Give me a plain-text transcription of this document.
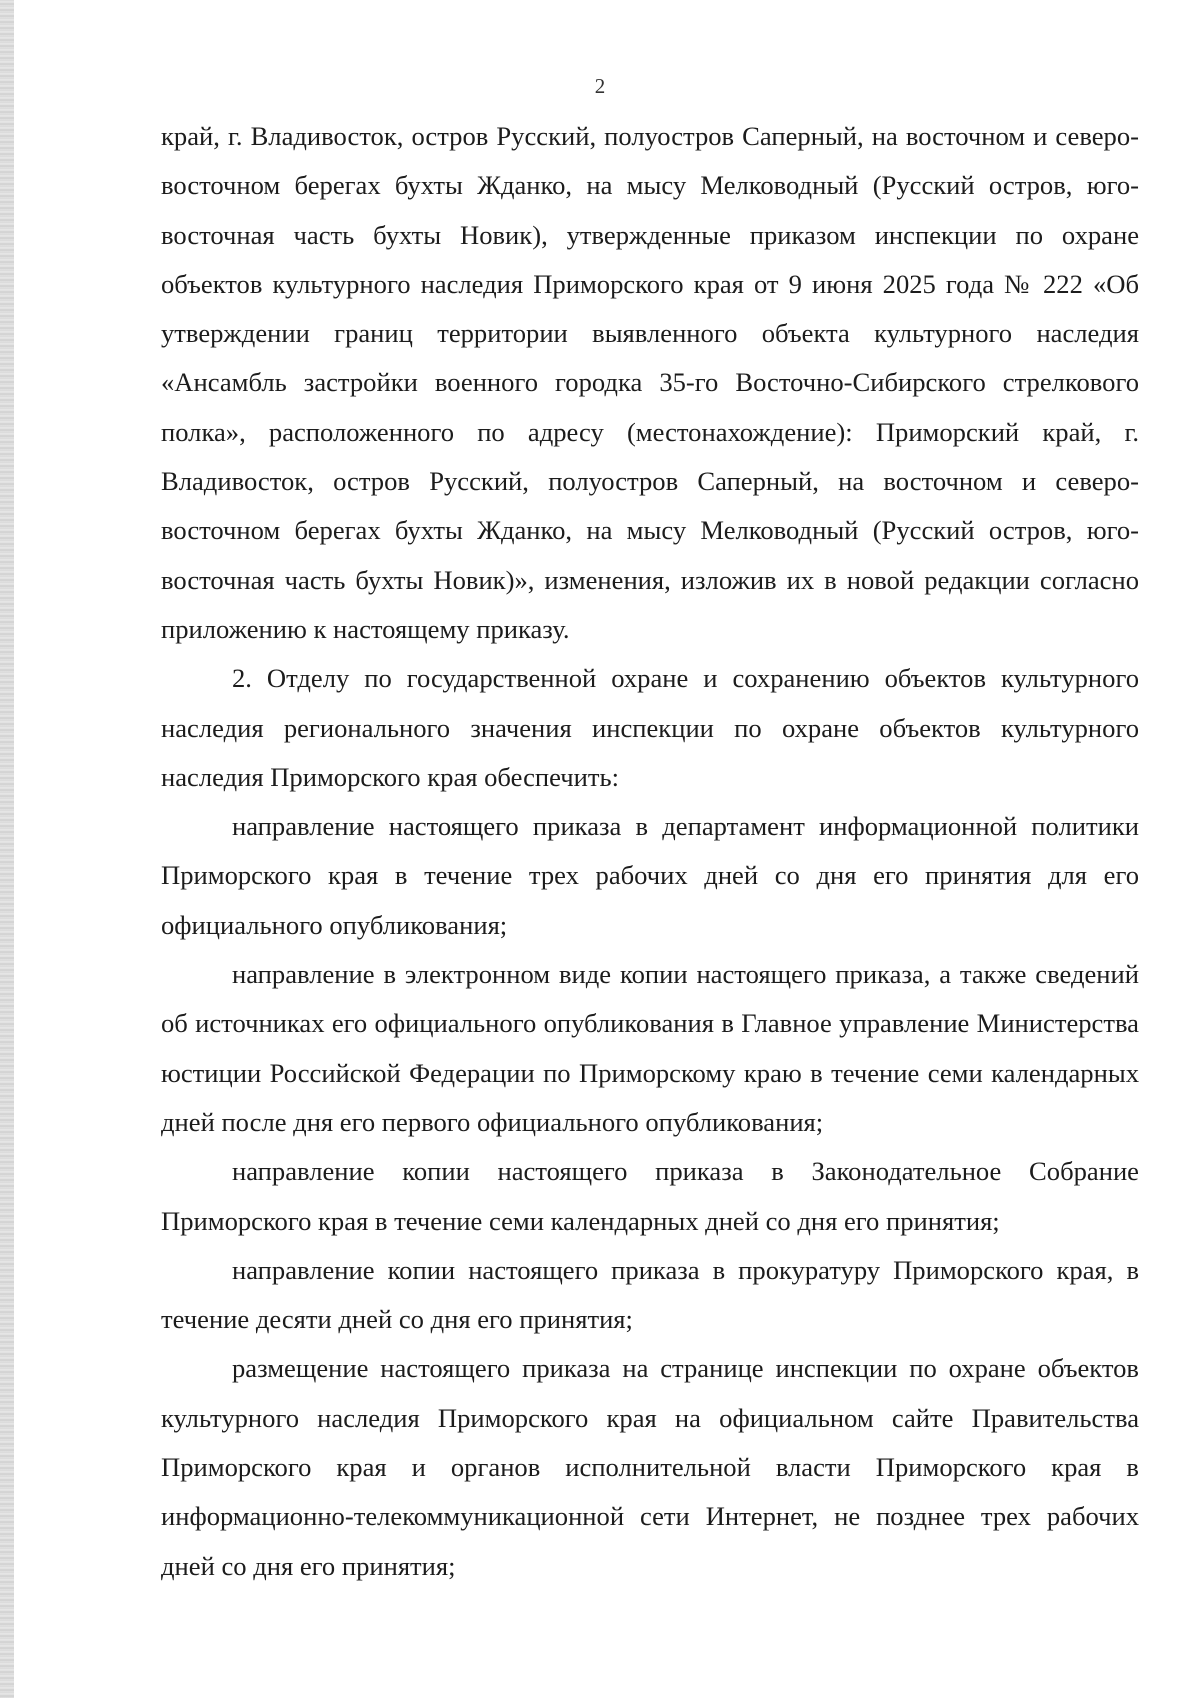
2

край, г. Владивосток, остров Русский, полуостров Саперный, на восточном и северо-восточном берегах бухты Жданко, на мысу Мелководный (Русский остров, юго-восточная часть бухты Новик), утвержденные приказом инспекции по охране объектов культурного наследия Приморского края от 9 июня 2025 года № 222 «Об утверждении границ территории выявленного объекта культурного наследия «Ансамбль застройки военного городка 35-го Восточно-Сибирского стрелкового полка», расположенного по адресу (местонахождение): Приморский край, г. Владивосток, остров Русский, полуостров Саперный, на восточном и северо-восточном берегах бухты Жданко, на мысу Мелководный (Русский остров, юго-восточная часть бухты Новик)», изменения, изложив их в новой редакции согласно приложению к настоящему приказу.

2. Отделу по государственной охране и сохранению объектов культурного наследия регионального значения инспекции по охране объектов культурного наследия Приморского края обеспечить:

направление настоящего приказа в департамент информационной политики Приморского края в течение трех рабочих дней со дня его принятия для его официального опубликования;

направление в электронном виде копии настоящего приказа, а также сведений об источниках его официального опубликования в Главное управление Министерства юстиции Российской Федерации по Приморскому краю в течение семи календарных дней после дня его первого официального опубликования;

направление копии настоящего приказа в Законодательное Собрание Приморского края в течение семи календарных дней со дня его принятия;

направление копии настоящего приказа в прокуратуру Приморского края, в течение десяти дней со дня его принятия;

размещение настоящего приказа на странице инспекции по охране объектов культурного наследия Приморского края на официальном сайте Правительства Приморского края и органов исполнительной власти Приморского края в информационно-телекоммуникационной сети Интернет, не позднее трех рабочих дней со дня его принятия;
